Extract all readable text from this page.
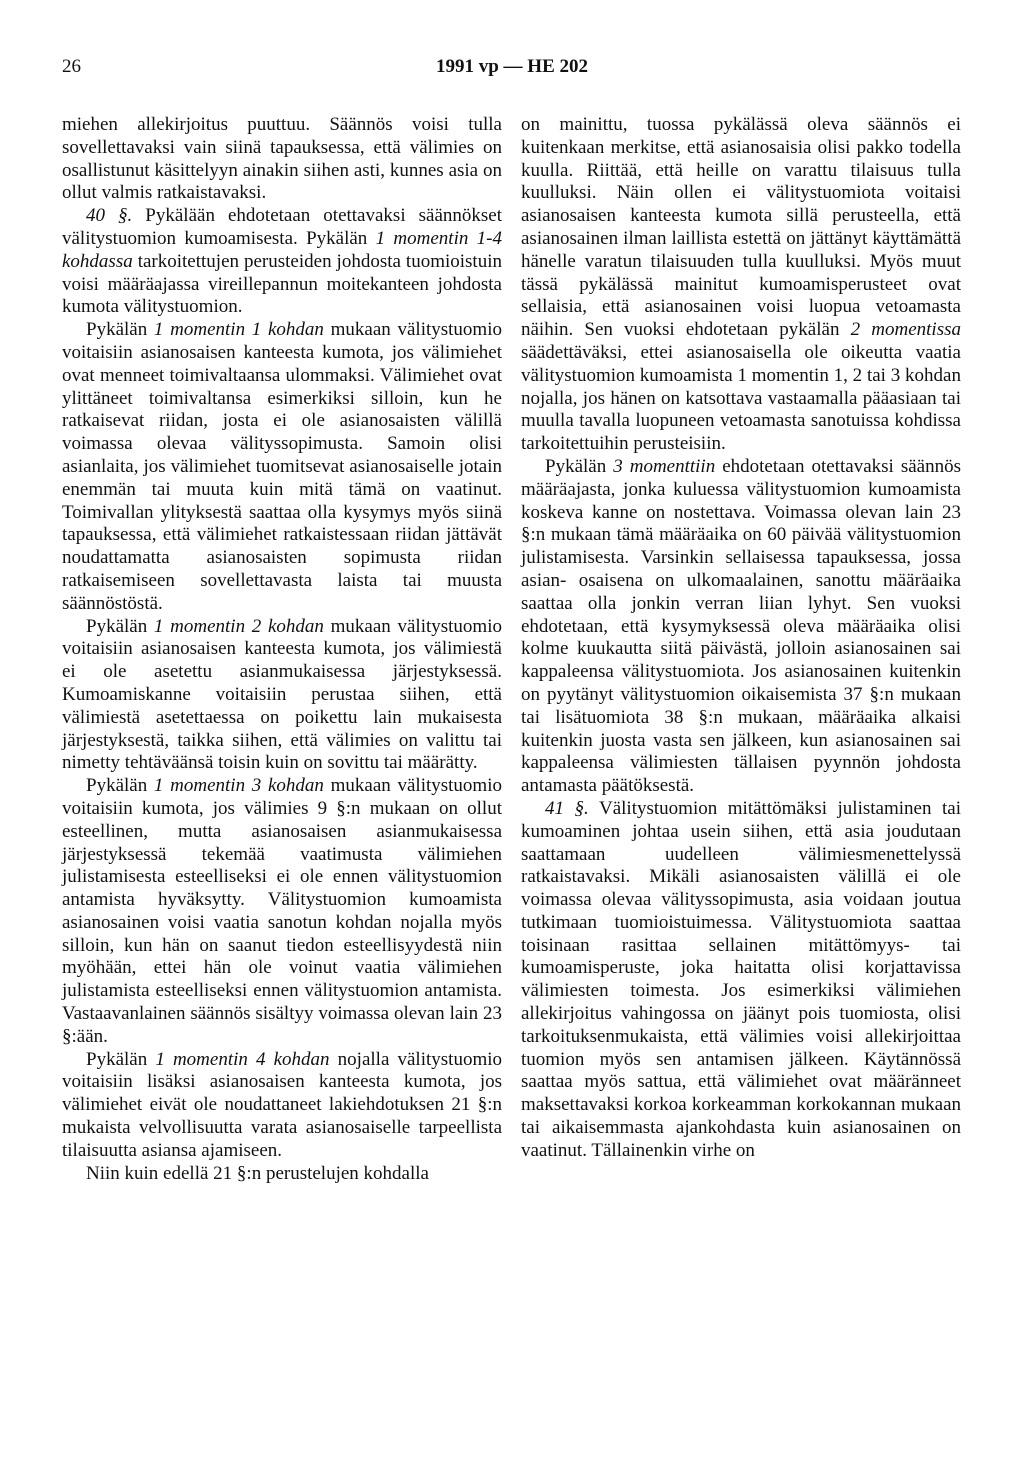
26	1991 vp — HE 202

miehen allekirjoitus puuttuu. Säännös voisi tulla sovellettavaksi vain siinä tapauksessa, että välimies on osallistunut käsittelyyn ainakin siihen asti, kunnes asia on ollut valmis ratkaistavaksi.

40 §. Pykälään ehdotetaan otettavaksi säännökset välitystuomion kumoamisesta. Pykälän 1 momentin 1-4 kohdassa tarkoitettujen perusteiden johdosta tuomioistuin voisi määräajassa vireillepannun moitekanteen johdosta kumota välitystuomion.

Pykälän 1 momentin 1 kohdan mukaan välitystuomio voitaisiin asianosaisen kanteesta kumota, jos välimiehet ovat menneet toimivaltaansa ulommaksi. Välimiehet ovat ylittäneet toimivaltansa esimerkiksi silloin, kun he ratkaisevat riidan, josta ei ole asianosaisten välillä voimassa olevaa välityssopimusta. Samoin olisi asianlaita, jos välimiehet tuomitsevat asianosaiselle jotain enemmän tai muuta kuin mitä tämä on vaatinut. Toimivallan ylityksestä saattaa olla kysymys myös siinä tapauksessa, että välimiehet ratkaistessaan riidan jättävät noudattamatta asianosaisten sopimusta riidan ratkaisemiseen sovellettavasta laista tai muusta säännöstöstä.

Pykälän 1 momentin 2 kohdan mukaan välitystuomio voitaisiin asianosaisen kanteesta kumota, jos välimiestä ei ole asetettu asianmukaisessa järjestyksessä. Kumoamiskanne voitaisiin perustaa siihen, että välimiestä asetettaessa on poikettu lain mukaisesta järjestyksestä, taikka siihen, että välimies on valittu tai nimetty tehtäväänsä toisin kuin on sovittu tai määrätty.

Pykälän 1 momentin 3 kohdan mukaan välitystuomio voitaisiin kumota, jos välimies 9 §:n mukaan on ollut esteellinen, mutta asianosaisen asianmukaisessa järjestyksessä tekemää vaatimusta välimiehen julistamisesta esteelliseksi ei ole ennen välitystuomion antamista hyväksytty. Välitystuomion kumoamista asianosainen voisi vaatia sanotun kohdan nojalla myös silloin, kun hän on saanut tiedon esteellisyydestä niin myöhään, ettei hän ole voinut vaatia välimiehen julistamista esteelliseksi ennen välitystuomion antamista. Vastaavanlainen säännös sisältyy voimassa olevan lain 23 §:ään.

Pykälän 1 momentin 4 kohdan nojalla välitystuomio voitaisiin lisäksi asianosaisen kanteesta kumota, jos välimiehet eivät ole noudattaneet lakiehdotuksen 21 §:n mukaista velvollisuutta varata asianosaiselle tarpeellista tilaisuutta asiansa ajamiseen.

Niin kuin edellä 21 §:n perustelujen kohdalla

on mainittu, tuossa pykälässä oleva säännös ei kuitenkaan merkitse, että asianosaisia olisi pakko todella kuulla. Riittää, että heille on varattu tilaisuus tulla kuulluksi. Näin ollen ei välitystuomiota voitaisi asianosaisen kanteesta kumota sillä perusteella, että asianosainen ilman laillista estettä on jättänyt käyttämättä hänelle varatun tilaisuuden tulla kuulluksi. Myös muut tässä pykälässä mainitut kumoamisperusteet ovat sellaisia, että asianosainen voisi luopua vetoamasta näihin. Sen vuoksi ehdotetaan pykälän 2 momentissa säädettäväksi, ettei asianosaisella ole oikeutta vaatia välitystuomion kumoamista 1 momentin 1, 2 tai 3 kohdan nojalla, jos hänen on katsottava vastaamalla pääasiaan tai muulla tavalla luopuneen vetoamasta sanotuissa kohdissa tarkoitettuihin perusteisiin.

Pykälän 3 momenttiin ehdotetaan otettavaksi säännös määräajasta, jonka kuluessa välitystuomion kumoamista koskeva kanne on nostettava. Voimassa olevan lain 23 §:n mukaan tämä määräaika on 60 päivää välitystuomion julistamisesta. Varsinkin sellaisessa tapauksessa, jossa asian- osaisena on ulkomaalainen, sanottu määräaika saattaa olla jonkin verran liian lyhyt. Sen vuoksi ehdotetaan, että kysymyksessä oleva määräaika olisi kolme kuukautta siitä päivästä, jolloin asianosainen sai kappaleensa välitystuomiota. Jos asianosainen kuitenkin on pyytänyt välitystuomion oikaisemista 37 §:n mukaan tai lisätuomiota 38 §:n mukaan, määräaika alkaisi kuitenkin juosta vasta sen jälkeen, kun asianosainen sai kappaleensa välimiesten tällaisen pyynnön johdosta antamasta päätöksestä.

41 §. Välitystuomion mitättömäksi julistaminen tai kumoaminen johtaa usein siihen, että asia joudutaan saattamaan uudelleen välimiesmenettelyssä ratkaistavaksi. Mikäli asianosaisten välillä ei ole voimassa olevaa välityssopimusta, asia voidaan joutua tutkimaan tuomioistuimessa. Välitystuomiota saattaa toisinaan rasittaa sellainen mitättömyys- tai kumoamisperuste, joka haitatta olisi korjattavissa välimiesten toimesta. Jos esimerkiksi välimiehen allekirjoitus vahingossa on jäänyt pois tuomiosta, olisi tarkoituksenmukaista, että välimies voisi allekirjoittaa tuomion myös sen antamisen jälkeen. Käytännössä saattaa myös sattua, että välimiehet ovat määränneet maksettavaksi korkoa korkeamman korkokannan mukaan tai aikaisemmasta ajankohdasta kuin asianosainen on vaatinut. Tällainenkin virhe on
